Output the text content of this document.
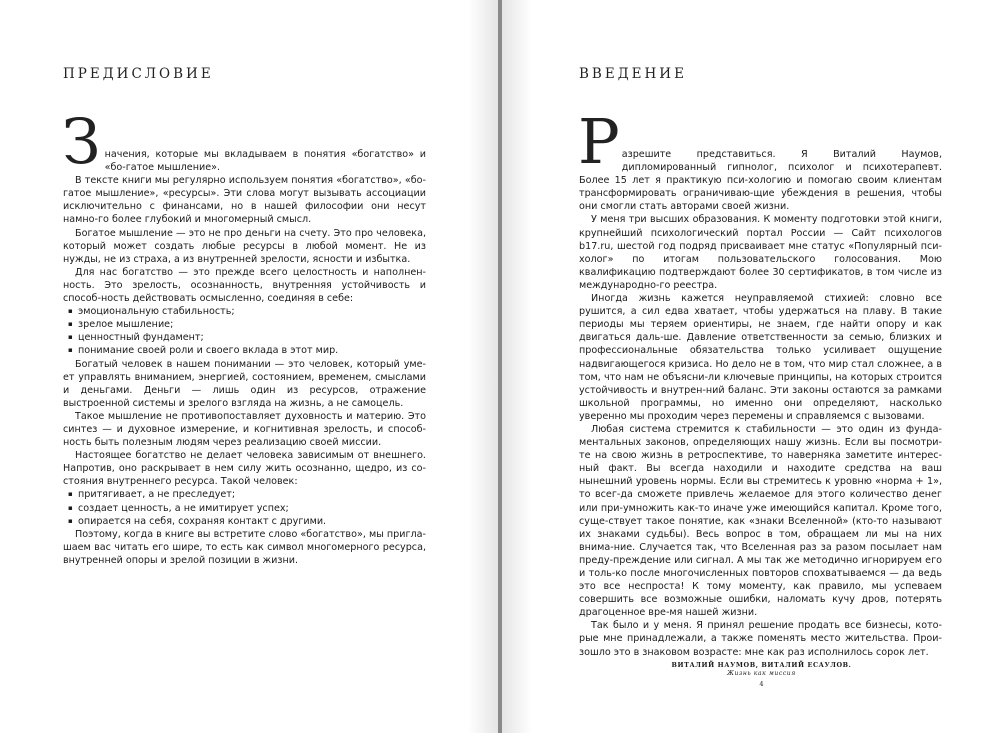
ПРЕДИСЛОВИЕ
З начения, которые мы вкладываем в понятия «богатство» и «бо-гатое мышление».

В тексте книги мы регулярно используем понятия «богатство», «бо-гатое мышление», «ресурсы». Эти слова могут вызывать ассоциации исключительно с финансами, но в нашей философии они несут намно-го более глубокий и многомерный смысл.

Богатое мышление — это не про деньги на счету. Это про человека, который может создать любые ресурсы в любой момент. Не из нужды, не из страха, а из внутренней зрелости, ясности и избытка.

Для нас богатство — это прежде всего целостность и наполнен-ность. Это зрелость, осознанность, внутренняя устойчивость и способ-ность действовать осмысленно, соединяя в себе:

▪ эмоциональную стабильность;
▪ зрелое мышление;
▪ ценностный фундамент;
▪ понимание своей роли и своего вклада в этот мир.

Богатый человек в нашем понимании — это человек, который уме-ет управлять вниманием, энергией, состоянием, временем, смыслами и деньгами. Деньги — лишь один из ресурсов, отражение выстроенной системы и зрелого взгляда на жизнь, а не самоцель.

Такое мышление не противопоставляет духовность и материю. Это синтез — и духовное измерение, и когнитивная зрелость, и способ-ность быть полезным людям через реализацию своей миссии.

Настоящее богатство не делает человека зависимым от внешнего. Напротив, оно раскрывает в нем силу жить осознанно, щедро, из со-стояния внутреннего ресурса. Такой человек:

▪ притягивает, а не преследует;
▪ создает ценность, а не имитирует успех;
▪ опирается на себя, сохраняя контакт с другими.

Поэтому, когда в книге вы встретите слово «богатство», мы пригла-шаем вас читать его шире, то есть как символ многомерного ресурса, внутренней опоры и зрелой позиции в жизни.

ВВЕДЕНИЕ
Р азрешите представиться. Я Виталий Наумов, дипломированный гипнолог, психолог и психотерапевт. Более 15 лет я практикую пси-хологию и помогаю своим клиентам трансформировать ограничиваю-щие убеждения в решения, чтобы они смогли стать авторами своей жизни.

У меня три высших образования. К моменту подготовки этой книги, крупнейший психологический портал России — Сайт психологов b17.ru, шестой год подряд присваивает мне статус «Популярный пси-холог» по итогам пользовательского голосования. Мою квалификацию подтверждают более 30 сертификатов, в том числе из международно-го реестра.

Иногда жизнь кажется неуправляемой стихией: словно все рушится, а сил едва хватает, чтобы удержаться на плаву. В такие периоды мы теряем ориентиры, не знаем, где найти опору и как двигаться даль-ше. Давление ответственности за семью, близких и профессиональные обязательства только усиливает ощущение надвигающегося кризиса. Но дело не в том, что мир стал сложнее, а в том, что нам не объясни-ли ключевые принципы, на которых строится устойчивость и внутрен-ний баланс. Эти законы остаются за рамками школьной программы, но именно они определяют, насколько уверенно мы проходим через перемены и справляемся с вызовами.

Любая система стремится к стабильности — это один из фунда-ментальных законов, определяющих нашу жизнь. Если вы посмотри-те на свою жизнь в ретроспективе, то наверняка заметите интерес-ный факт. Вы всегда находили и находите средства на ваш нынешний уровень нормы. Если вы стремитесь к уровню «норма + 1», то всег-да сможете привлечь желаемое для этого количество денег или при-умножить как-то иначе уже имеющийся капитал. Кроме того, суще-ствует такое понятие, как «знаки Вселенной» (кто-то называют их знаками судьбы). Весь вопрос в том, обращаем ли мы на них внима-ние. Случается так, что Вселенная раз за разом посылает нам преду-преждение или сигнал. А мы так же методично игнорируем его и толь-ко после многочисленных повторов спохватываемся — да ведь это все неспроста! К тому моменту, как правило, мы успеваем совершить все возможные ошибки, наломать кучу дров, потерять драгоценное вре-мя нашей жизни.

Так было и у меня. Я принял решение продать все бизнесы, кото-рые мне принадлежали, а также поменять место жительства. Прои-зошло это в знаковом возрасте: мне как раз исполнилось сорок лет.

ВИТАЛИЙ НАУМОВ, ВИТАЛИЙ ЕСАУЛОВ.
Жизнь как миссия
4
